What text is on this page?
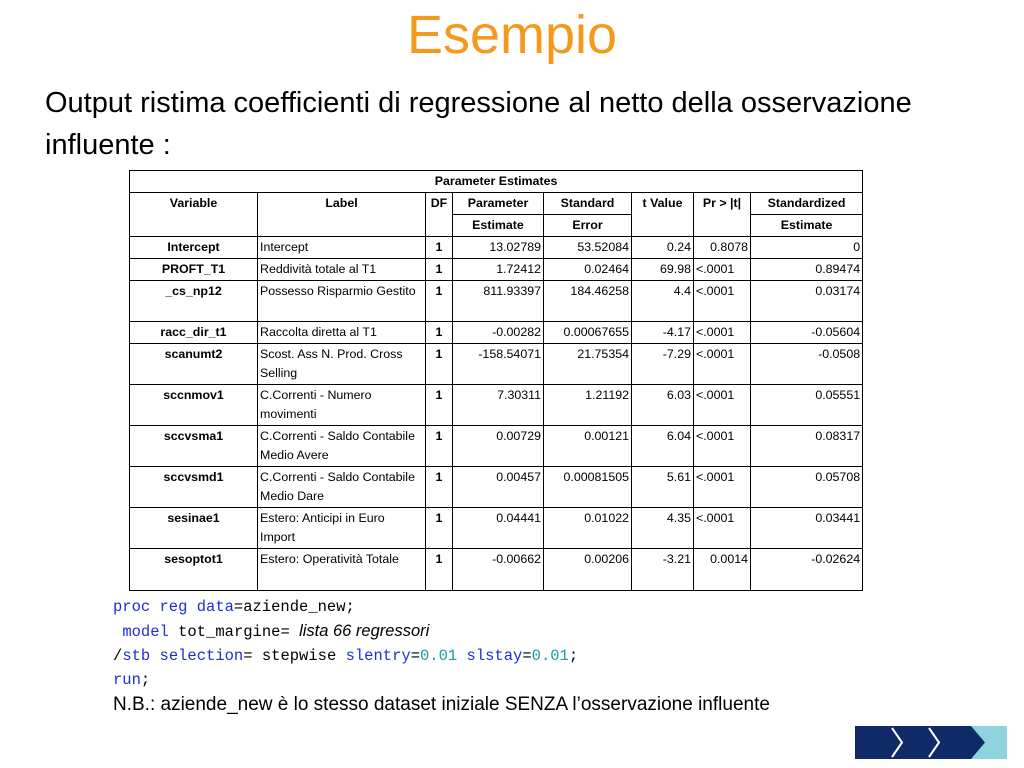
Esempio

Output ristima coefficienti di regressione al netto della osservazione influente :

Parameter Estimates							
Variable	Label	DF	Parameter	Standard	t Value	Pr > |t|	Standardized
			Estimate	Error			Estimate
Intercept	Intercept	1	13.02789	53.52084	0.24	0.8078	0
PROFT_T1	Reddività totale al T1	1	1.72412	0.02464	69.98	<.0001	0.89474
_cs_np12	Possesso Risparmio Gestito	1	811.93397	184.46258	4.4	<.0001	0.03174
racc_dir_t1	Raccolta diretta al T1	1	-0.00282	0.00067655	-4.17	<.0001	-0.05604
scanumt2	Scost. Ass N. Prod. Cross Selling	1	-158.54071	21.75354	-7.29	<.0001	-0.0508
sccnmov1	C.Correnti - Numero movimenti	1	7.30311	1.21192	6.03	<.0001	0.05551
sccvsma1	C.Correnti - Saldo Contabile Medio Avere	1	0.00729	0.00121	6.04	<.0001	0.08317
sccvsmd1	C.Correnti - Saldo Contabile Medio Dare	1	0.00457	0.00081505	5.61	<.0001	0.05708
sesinae1	Estero: Anticipi in Euro Import	1	0.04441	0.01022	4.35	<.0001	0.03441
sesoptot1	Estero: Operatività Totale	1	-0.00662	0.00206	-3.21	0.0014	-0.02624
proc reg data=aziende_new;
model tot_margine= lista 66 regressori
/stb selection= stepwise slentry=0.01 slstay=0.01;
run;

N.B.: aziende_new è lo stesso dataset iniziale SENZA l’osservazione influente
